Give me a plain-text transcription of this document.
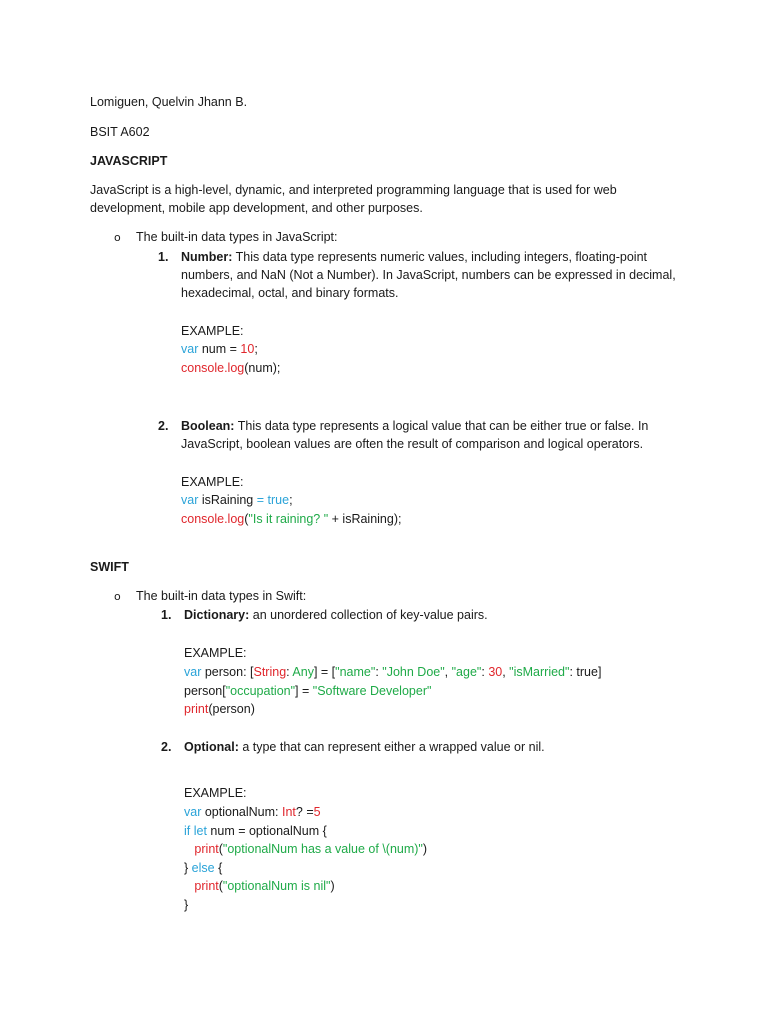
Lomiguen, Quelvin Jhann B.
BSIT A602
JAVASCRIPT
JavaScript is a high-level, dynamic, and interpreted programming language that is used for web
development, mobile app development, and other purposes.
o The built-in data types in JavaScript:
1. Number: This data type represents numeric values, including integers, floating-point
numbers, and NaN (Not a Number). In JavaScript, numbers can be expressed in decimal,
hexadecimal, octal, and binary formats.
EXAMPLE:
2. Boolean: This data type represents a logical value that can be either true or false. In
JavaScript, boolean values are often the result of comparison and logical operators.
EXAMPLE:
SWIFT
o The built-in data types in Swift:
1. Dictionary: an unordered collection of key-value pairs.
EXAMPLE:
2. Optional: a type that can represent either a wrapped value or nil.
EXAMPLE:
var num = 10;
console.log(num);
var isRaining = true;
console.log("Is it raining? " + isRaining);
var person: [String: Any] = ["name": "John Doe", "age": 30, "isMarried": true]
person["occupation"] = "Software Developer"
print(person)
var optionalNum: Int? =5
if let num = optionalNum {
print("optionalNum has a value of \(num)")
} else {
print("optionalNum is nil")
}
